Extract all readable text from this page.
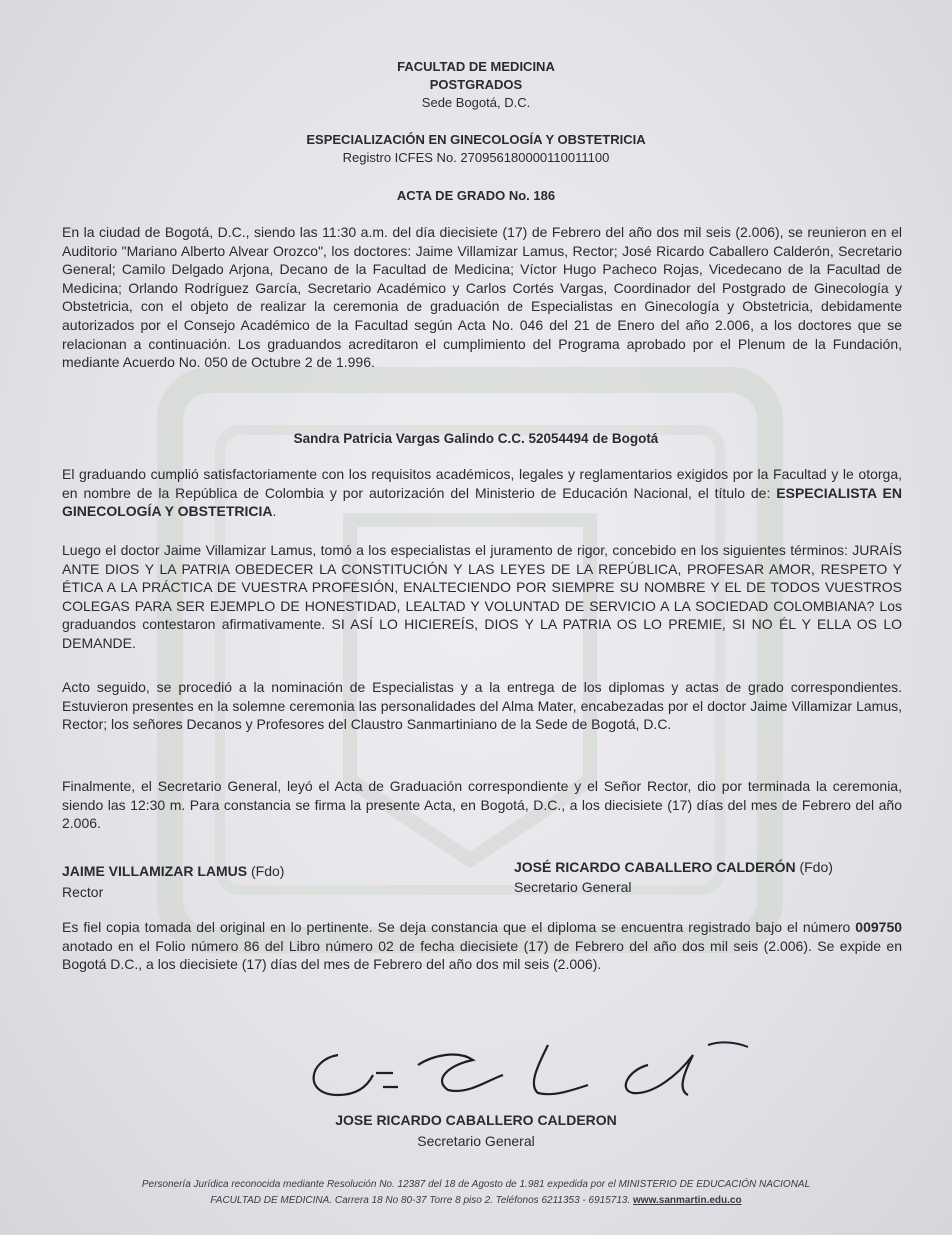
FACULTAD DE MEDICINA
POSTGRADOS
Sede Bogotá, D.C.
ESPECIALIZACIÓN EN GINECOLOGÍA Y OBSTETRICIA
Registro ICFES No. 270956180000110011100
ACTA DE GRADO No. 186
En la ciudad de Bogotá, D.C., siendo las 11:30 a.m. del día diecisiete (17) de Febrero del año dos mil seis (2.006), se reunieron en el Auditorio "Mariano Alberto Alvear Orozco", los doctores: Jaime Villamizar Lamus, Rector; José Ricardo Caballero Calderón, Secretario General; Camilo Delgado Arjona, Decano de la Facultad de Medicina; Víctor Hugo Pacheco Rojas, Vicedecano de la Facultad de Medicina; Orlando Rodríguez García, Secretario Académico y Carlos Cortés Vargas, Coordinador del Postgrado de Ginecología y Obstetricia, con el objeto de realizar la ceremonia de graduación de Especialistas en Ginecología y Obstetricia, debidamente autorizados por el Consejo Académico de la Facultad según Acta No. 046 del 21 de Enero del año 2.006, a los doctores que se relacionan a continuación. Los graduandos acreditaron el cumplimiento del Programa aprobado por el Plenum de la Fundación, mediante Acuerdo No. 050 de Octubre 2 de 1.996.
Sandra Patricia Vargas Galindo C.C. 52054494 de Bogotá
El graduando cumplió satisfactoriamente con los requisitos académicos, legales y reglamentarios exigidos por la Facultad y le otorga, en nombre de la República de Colombia y por autorización del Ministerio de Educación Nacional, el título de: ESPECIALISTA EN GINECOLOGÍA Y OBSTETRICIA.
Luego el doctor Jaime Villamizar Lamus, tomó a los especialistas el juramento de rigor, concebido en los siguientes términos: JURAÍS ANTE DIOS Y LA PATRIA OBEDECER LA CONSTITUCIÓN Y LAS LEYES DE LA REPÚBLICA, PROFESAR AMOR, RESPETO Y ÉTICA A LA PRÁCTICA DE VUESTRA PROFESIÓN, ENALTECIENDO POR SIEMPRE SU NOMBRE Y EL DE TODOS VUESTROS COLEGAS PARA SER EJEMPLO DE HONESTIDAD, LEALTAD Y VOLUNTAD DE SERVICIO A LA SOCIEDAD COLOMBIANA? Los graduandos contestaron afirmativamente. SI ASÍ LO HICIEREÍS, DIOS Y LA PATRIA OS LO PREMIE, SI NO ÉL Y ELLA OS LO DEMANDE.
Acto seguido, se procedió a la nominación de Especialistas y a la entrega de los diplomas y actas de grado correspondientes. Estuvieron presentes en la solemne ceremonia las personalidades del Alma Mater, encabezadas por el doctor Jaime Villamizar Lamus, Rector; los señores Decanos y Profesores del Claustro Sanmartiniano de la Sede de Bogotá, D.C.
Finalmente, el Secretario General, leyó el Acta de Graduación correspondiente y el Señor Rector, dio por terminada la ceremonia, siendo las 12:30 m. Para constancia se firma la presente Acta, en Bogotá, D.C., a los diecisiete (17) días del mes de Febrero del año 2.006.
JAIME VILLAMIZAR LAMUS (Fdo)
Rector
JOSÉ RICARDO CABALLERO CALDERÓN (Fdo)
Secretario General
Es fiel copia tomada del original en lo pertinente. Se deja constancia que el diploma se encuentra registrado bajo el número 009750 anotado en el Folio número 86 del Libro número 02 de fecha diecisiete (17) de Febrero del año dos mil seis (2.006). Se expide en Bogotá D.C., a los diecisiete (17) días del mes de Febrero del año dos mil seis (2.006).
JOSE RICARDO CABALLERO CALDERON
Secretario General
Personería Jurídica reconocida mediante Resolución No. 12387 del 18 de Agosto de 1.981 expedida por el MINISTERIO DE EDUCACIÓN NACIONAL
FACULTAD DE MEDICINA. Carrera 18 No 80-37 Torre 8 piso 2. Teléfonos 6211353 - 6915713. www.sanmartin.edu.co
